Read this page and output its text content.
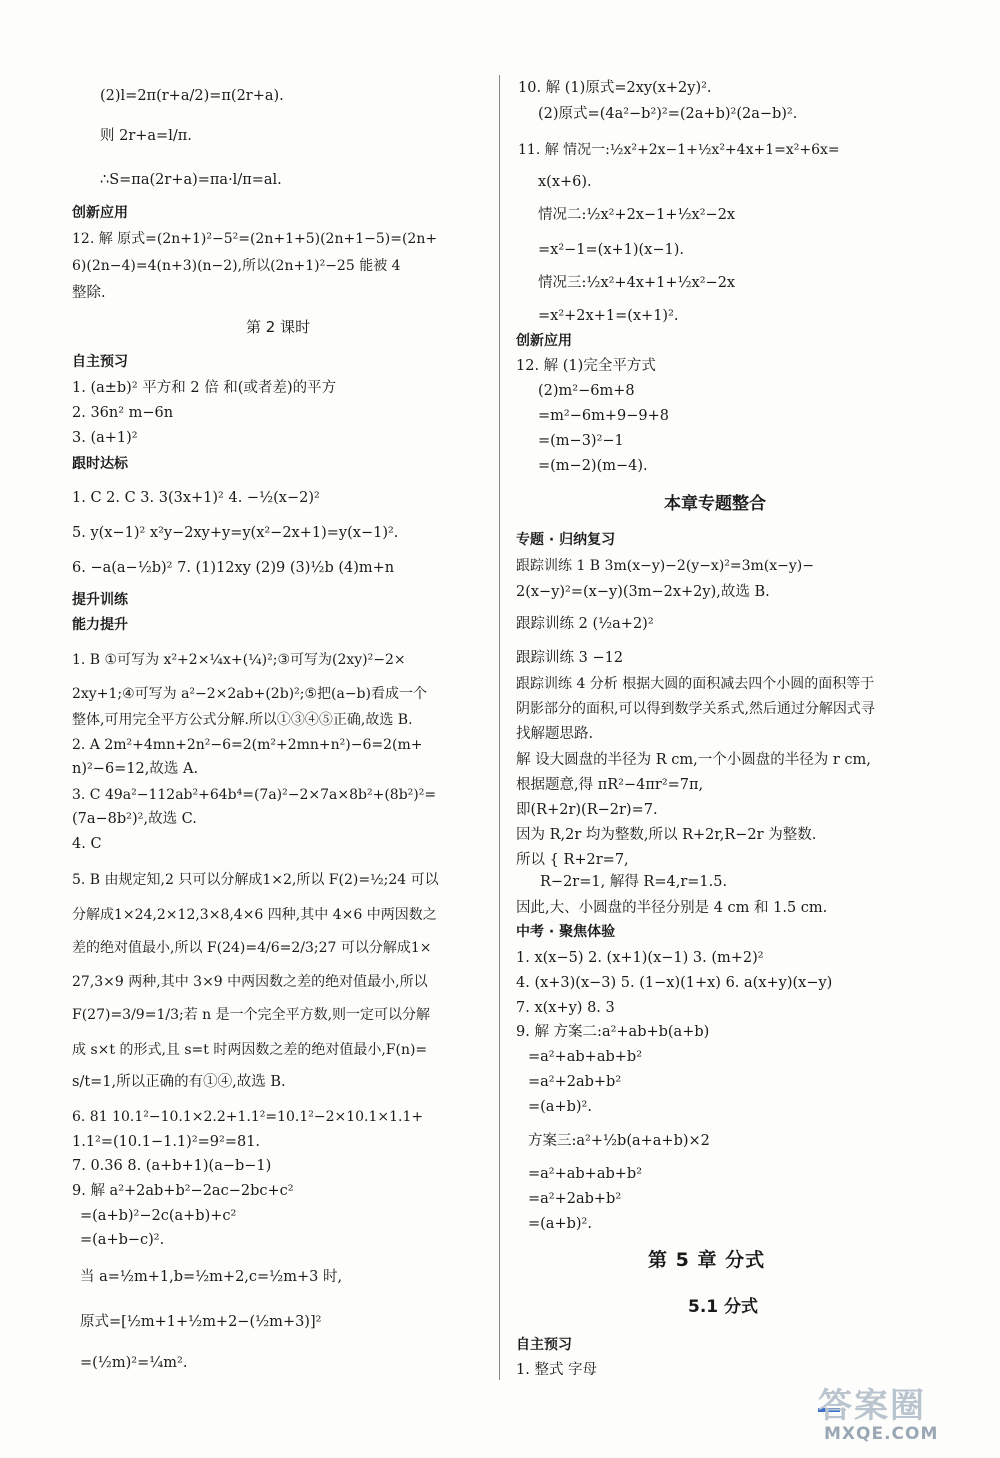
(2)l=2π(r+a/2)=π(2r+a).
则 2r+a=l/π.
∴S=πa(2r+a)=πa·l/π=al.
创新应用
12. 解 原式=(2n+1)²−5²=(2n+1+5)(2n+1−5)=(2n+
6)(2n−4)=4(n+3)(n−2),所以(2n+1)²−25 能被 4
整除.
第 2 课时
自主预习
1. (a±b)² 平方和 2 倍 和(或者差)的平方
2. 36n² m−6n
3. (a+1)²
跟时达标
1. C 2. C 3. 3(3x+1)² 4. −½(x−2)²
5. y(x−1)² x²y−2xy+y=y(x²−2x+1)=y(x−1)².
6. −a(a−½b)² 7. (1)12xy (2)9 (3)½b (4)m+n
提升训练
能力提升
1. B ①可写为 x²+2×¼x+(¼)²;③可写为(2xy)²−2×
2xy+1;④可写为 a²−2×2ab+(2b)²;⑤把(a−b)看成一个
整体,可用完全平方公式分解.所以①③④⑤正确,故选 B.
2. A 2m²+4mn+2n²−6=2(m²+2mn+n²)−6=2(m+
n)²−6=12,故选 A.
3. C 49a²−112ab²+64b⁴=(7a)²−2×7a×8b²+(8b²)²=
(7a−8b²)²,故选 C.
4. C
5. B 由规定知,2 只可以分解成1×2,所以 F(2)=½;24 可以
分解成1×24,2×12,3×8,4×6 四种,其中 4×6 中两因数之
差的绝对值最小,所以 F(24)=4/6=2/3;27 可以分解成1×
27,3×9 两种,其中 3×9 中两因数之差的绝对值最小,所以
F(27)=3/9=1/3;若 n 是一个完全平方数,则一定可以分解
成 s×t 的形式,且 s=t 时两因数之差的绝对值最小,F(n)=
s/t=1,所以正确的有①④,故选 B.
6. 81 10.1²−10.1×2.2+1.1²=10.1²−2×10.1×1.1+
1.1²=(10.1−1.1)²=9²=81.
7. 0.36 8. (a+b+1)(a−b−1)
9. 解 a²+2ab+b²−2ac−2bc+c²
=(a+b)²−2c(a+b)+c²
=(a+b−c)².
当 a=½m+1,b=½m+2,c=½m+3 时,
原式=[½m+1+½m+2−(½m+3)]²
=(½m)²=¼m².
10. 解 (1)原式=2xy(x+2y)².
(2)原式=(4a²−b²)²=(2a+b)²(2a−b)².
11. 解 情况一:½x²+2x−1+½x²+4x+1=x²+6x=
x(x+6).
情况二:½x²+2x−1+½x²−2x
=x²−1=(x+1)(x−1).
情况三:½x²+4x+1+½x²−2x
=x²+2x+1=(x+1)².
创新应用
12. 解 (1)完全平方式
(2)m²−6m+8
=m²−6m+9−9+8
=(m−3)²−1
=(m−2)(m−4).
本章专题整合
专题 · 归纳复习
跟踪训练 1 B 3m(x−y)−2(y−x)²=3m(x−y)−
2(x−y)²=(x−y)(3m−2x+2y),故选 B.
跟踪训练 2 (½a+2)²
跟踪训练 3 −12
跟踪训练 4 分析 根据大圆的面积减去四个小圆的面积等于
阴影部分的面积,可以得到数学关系式,然后通过分解因式寻
找解题思路.
解 设大圆盘的半径为 R cm,一个小圆盘的半径为 r cm,
根据题意,得 πR²−4πr²=7π,
即(R+2r)(R−2r)=7.
因为 R,2r 均为整数,所以 R+2r,R−2r 为整数.
所以 { R+2r=7,
R−2r=1, 解得 R=4,r=1.5.
因此,大、小圆盘的半径分别是 4 cm 和 1.5 cm.
中考 · 聚焦体验
1. x(x−5) 2. (x+1)(x−1) 3. (m+2)²
4. (x+3)(x−3) 5. (1−x)(1+x) 6. a(x+y)(x−y)
7. x(x+y) 8. 3
9. 解 方案二:a²+ab+b(a+b)
=a²+ab+ab+b²
=a²+2ab+b²
=(a+b)².
方案三:a²+½b(a+a+b)×2
=a²+ab+ab+b²
=a²+2ab+b²
=(a+b)².
第 5 章 分式
5.1 分式
自主预习
1. 整式 字母
答案圈
MXQE.COM
